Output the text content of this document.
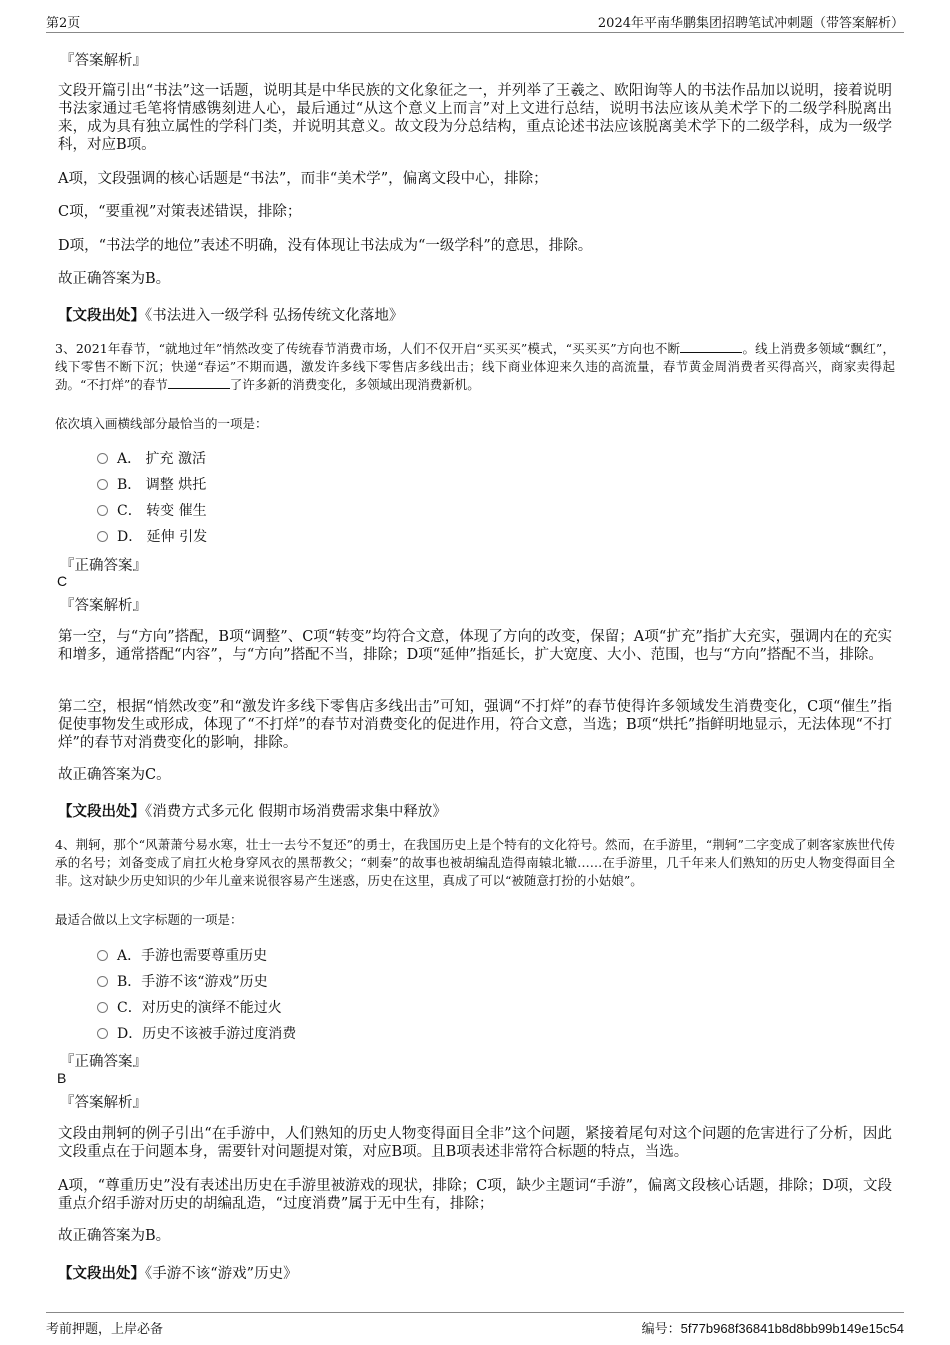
第2页	2024年平南华鹏集团招聘笔试冲刺题（带答案解析）
『答案解析』

文段开篇引出“书法”这一话题，说明其是中华民族的文化象征之一，并列举了王羲之、欧阳询等人的书法作品加以说明，接着说明书法家通过毛笔将情感镌刻进人心，最后通过“从这个意义上而言”对上文进行总结，说明书法应该从美术学下的二级学科脱离出来，成为具有独立属性的学科门类，并说明其意义。故文段为分总结构，重点论述书法应该脱离美术学下的二级学科，成为一级学科，对应B项。

A项，文段强调的核心话题是“书法”，而非“美术学”，偏离文段中心，排除；

C项，“要重视”对策表述错误，排除；

D项，“书法学的地位”表述不明确，没有体现让书法成为“一级学科”的意思，排除。

故正确答案为B。

【文段出处】《书法进入一级学科 弘扬传统文化落地》

3、2021年春节，“就地过年”悄然改变了传统春节消费市场，人们不仅开启“买买买”模式，“买买买”方向也不断	。线上消费多领域“飘红”，线下零售不断下沉；快递“春运”不期而遇，激发许多线下零售店多线出击；线下商业体迎来久违的高流量，春节黄金周消费者买得高兴，商家卖得起劲。“不打烊”的春节	了许多新的消费变化，多领域出现消费新机。

依次填入画横线部分最恰当的一项是：
A． 扩充 激活
B． 调整 烘托
C． 转变 催生
D． 延伸 引发
『正确答案』
C
『答案解析』

第一空，与“方向”搭配，B项“调整”、C项“转变”均符合文意，体现了方向的改变，保留；A项“扩充”指扩大充实，强调内在的充实和增多，通常搭配“内容”，与“方向”搭配不当，排除；D项“延伸”指延长，扩大宽度、大小、范围，也与“方向”搭配不当，排除。

第二空，根据“悄然改变”和“激发许多线下零售店多线出击”可知，强调“不打烊”的春节使得许多领域发生消费变化，C项“催生”指促使事物发生或形成，体现了“不打烊”的春节对消费变化的促进作用，符合文意，当选；B项“烘托”指鲜明地显示，无法体现“不打烊”的春节对消费变化的影响，排除。

故正确答案为C。

【文段出处】《消费方式多元化 假期市场消费需求集中释放》

4、荆轲，那个“风萧萧兮易水寒，壮士一去兮不复还”的勇士，在我国历史上是个特有的文化符号。然而，在手游里，“荆轲”二字变成了刺客家族世代传承的名号；刘备变成了肩扛火枪身穿风衣的黑帮教父；“刺秦”的故事也被胡编乱造得南辕北辙……在手游里，几千年来人们熟知的历史人物变得面目全非。这对缺少历史知识的少年儿童来说很容易产生迷惑，历史在这里，真成了可以“被随意打扮的小姑娘”。

最适合做以上文字标题的一项是：
A．手游也需要尊重历史
B．手游不该“游戏”历史
C．对历史的演绎不能过火
D．历史不该被手游过度消费
『正确答案』
B
『答案解析』

文段由荆轲的例子引出“在手游中，人们熟知的历史人物变得面目全非”这个问题，紧接着尾句对这个问题的危害进行了分析，因此文段重点在于问题本身，需要针对问题提对策，对应B项。且B项表述非常符合标题的特点，当选。

A项，“尊重历史”没有表述出历史在手游里被游戏的现状，排除；C项，缺少主题词“手游”，偏离文段核心话题，排除；D项，文段重点介绍手游对历史的胡编乱造，“过度消费”属于无中生有，排除；

故正确答案为B。

【文段出处】《手游不该“游戏”历史》
考前押题，上岸必备	编号：5f77b968f36841b8d8bb99b149e15c54
